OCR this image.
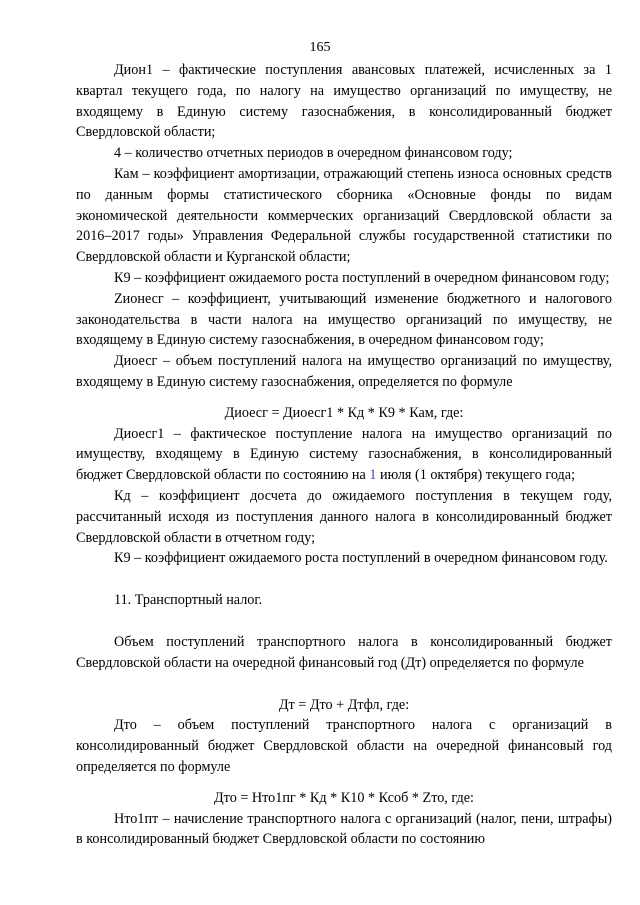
165

Дион1 – фактические поступления авансовых платежей, исчисленных за 1 квартал текущего года, по налогу на имущество организаций по имуществу, не входящему в Единую систему газоснабжения, в консолидированный бюджет Свердловской области;

4 – количество отчетных периодов в очередном финансовом году;

Кам – коэффициент амортизации, отражающий степень износа основных средств по данным формы статистического сборника «Основные фонды по видам экономической деятельности коммерческих организаций Свердловской области за 2016–2017 годы» Управления Федеральной службы государственной статистики по Свердловской области и Курганской области;

К9 – коэффициент ожидаемого роста поступлений в очередном финансовом году;

Zионесг – коэффициент, учитывающий изменение бюджетного и налогового законодательства в части налога на имущество организаций по имуществу, не входящему в Единую систему газоснабжения, в очередном финансовом году;

Диоесг – объем поступлений налога на имущество организаций по имуществу, входящему в Единую систему газоснабжения, определяется по формуле

Диоесг = Диоесг1 * Кд * К9 * Кам, где:

Диоесг1 – фактическое поступление налога на имущество организаций по имуществу, входящему в Единую систему газоснабжения, в консолидированный бюджет Свердловской области по состоянию на 1 июля (1 октября) текущего года;

Кд – коэффициент досчета до ожидаемого поступления в текущем году, рассчитанный исходя из поступления данного налога в консолидированный бюджет Свердловской области в отчетном году;

К9 – коэффициент ожидаемого роста поступлений в очередном финансовом году.

11. Транспортный налог.

Объем поступлений транспортного налога в консолидированный бюджет Свердловской области на очередной финансовый год (Дт) определяется по формуле

Дт = Дто + Дтфл, где:

Дто – объем поступлений транспортного налога с организаций в консолидированный бюджет Свердловской области на очередной финансовый год определяется по формуле

Дто = Нто1пг * Кд * К10 * Ксоб * Zто, где:

Нто1пт – начисление транспортного налога с организаций (налог, пени, штрафы) в консолидированный бюджет Свердловской области по состоянию
